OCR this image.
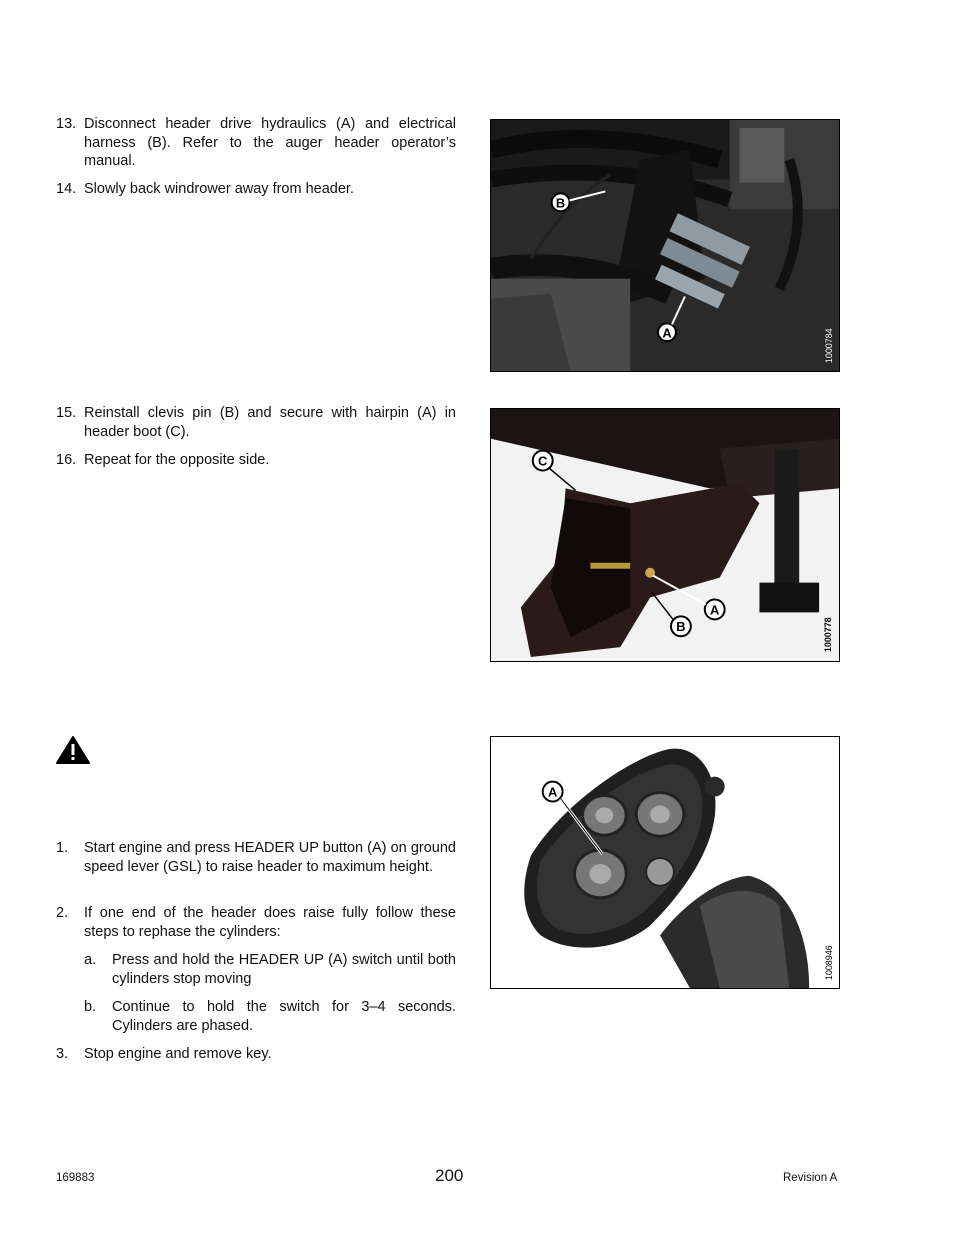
13. Disconnect header drive hydraulics (A) and electrical harness (B). Refer to the auger header operator’s manual.
14. Slowly back windrower away from header.
B
A	1000784
15. Reinstall clevis pin (B) and secure with hairpin (A) in header boot (C).
16. Repeat for the opposite side.	C
A
B	1000778
1. Start engine and press HEADER UP button (A) on ground speed lever (GSL) to raise header to maximum height.
2. If one end of the header does raise fully follow these steps to rephase the cylinders:
a. Press and hold the HEADER UP (A) switch until both cylinders stop moving
b. Continue to hold the switch for 3–4 seconds. Cylinders are phased.
3. Stop engine and remove key.
A
1008946
169883	200	Revision A
